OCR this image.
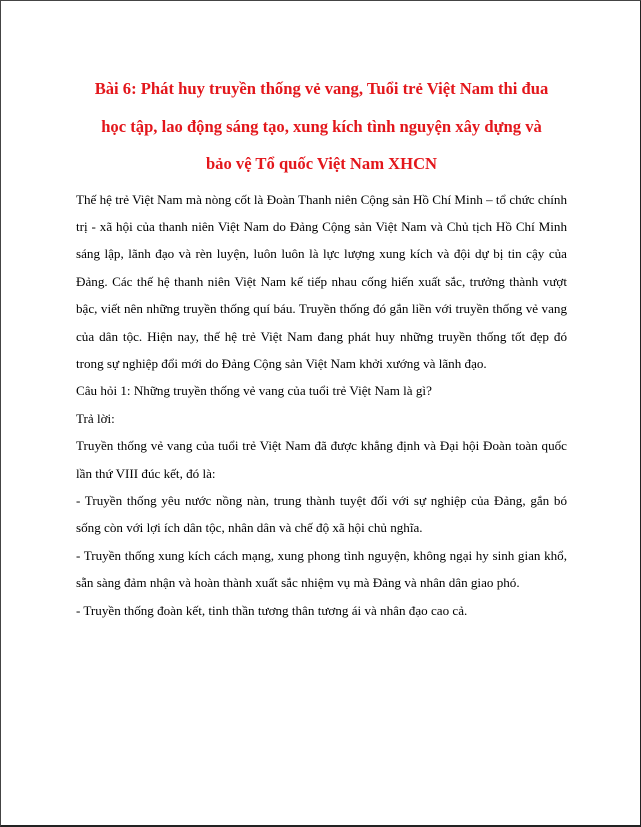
Bài 6: Phát huy truyền thống vẻ vang, Tuổi trẻ Việt Nam thi đua
học tập, lao động sáng tạo, xung kích tình nguyện xây dựng và
bảo vệ Tổ quốc Việt Nam XHCN

Thế hệ trẻ Việt Nam mà nòng cốt là Đoàn Thanh niên Cộng sản Hồ Chí Minh – tổ chức chính trị - xã hội của thanh niên Việt Nam do Đảng Cộng sản Việt Nam và Chủ tịch Hồ Chí Minh sáng lập, lãnh đạo và rèn luyện, luôn luôn là lực lượng xung kích và đội dự bị tin cậy của Đảng. Các thế hệ thanh niên Việt Nam kế tiếp nhau cống hiến xuất sắc, trưởng thành vượt bậc, viết nên những truyền thống quí báu. Truyền thống đó gắn liền với truyền thống vẻ vang của dân tộc. Hiện nay, thế hệ trẻ Việt Nam đang phát huy những truyền thống tốt đẹp đó trong sự nghiệp đổi mới do Đảng Cộng sản Việt Nam khởi xướng và lãnh đạo.

Câu hỏi 1: Những truyền thống vẻ vang của tuổi trẻ Việt Nam là gì?

Trả lời:

Truyền thống vẻ vang của tuổi trẻ Việt Nam đã được khẳng định và Đại hội Đoàn toàn quốc lần thứ VIII đúc kết, đó là:

- Truyền thống yêu nước nồng nàn, trung thành tuyệt đối với sự nghiệp của Đảng, gắn bó sống còn với lợi ích dân tộc, nhân dân và chế độ xã hội chủ nghĩa.

- Truyền thống xung kích cách mạng, xung phong tình nguyện, không ngại hy sinh gian khổ, sẵn sàng đảm nhận và hoàn thành xuất sắc nhiệm vụ mà Đảng và nhân dân giao phó.

- Truyền thống đoàn kết, tinh thần tương thân tương ái và nhân đạo cao cả.
